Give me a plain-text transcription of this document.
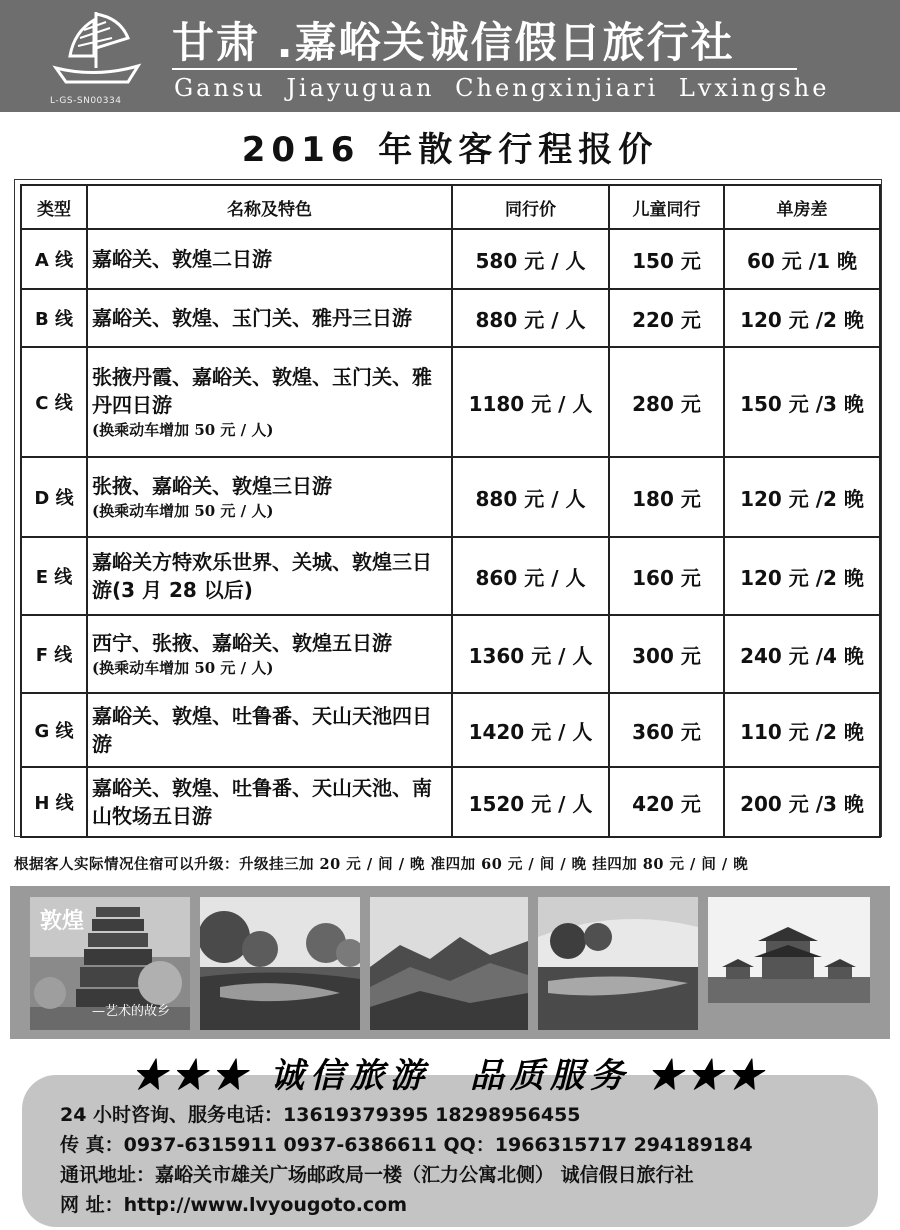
L-GS-SN00334
甘肃 .嘉峪关诚信假日旅行社
Gansu Jiayuguan Chengxinjiari Lvxingshe
2016 年散客行程报价
类型	名称及特色	同行价	儿童同行	单房差
A 线	嘉峪关、敦煌二日游	580 元 / 人	150 元	60 元 /1 晚
B 线	嘉峪关、敦煌、玉门关、雅丹三日游	880 元 / 人	220 元	120 元 /2 晚
C 线	张掖丹霞、嘉峪关、敦煌、玉门关、雅丹四日游
(换乘动车增加 50 元 / 人)	1180 元 / 人	280 元	150 元 /3 晚
D 线	张掖、嘉峪关、敦煌三日游
(换乘动车增加 50 元 / 人)	880 元 / 人	180 元	120 元 /2 晚
E 线	嘉峪关方特欢乐世界、关城、敦煌三日游(3 月 28 以后)	860 元 / 人	160 元	120 元 /2 晚
F 线	西宁、张掖、嘉峪关、敦煌五日游
(换乘动车增加 50 元 / 人)	1360 元 / 人	300 元	240 元 /4 晚
G 线	嘉峪关、敦煌、吐鲁番、天山天池四日游	1420 元 / 人	360 元	110 元 /2 晚
H 线	嘉峪关、敦煌、吐鲁番、天山天池、南山牧场五日游	1520 元 / 人	420 元	200 元 /3 晚
根据客人实际情况住宿可以升级：升级挂三加 20 元 / 间 / 晚 准四加 60 元 / 间 / 晚 挂四加 80 元 / 间 / 晚
敦煌
—艺术的故乡
★★★ 诚信旅游 品质服务 ★★★
24 小时咨询、服务电话：13619379395 18298956455
传 真：0937-6315911 0937-6386611 QQ：1966315717 294189184
通讯地址：嘉峪关市雄关广场邮政局一楼（汇力公寓北侧） 诚信假日旅行社
网 址：http://www.lvyougoto.com
